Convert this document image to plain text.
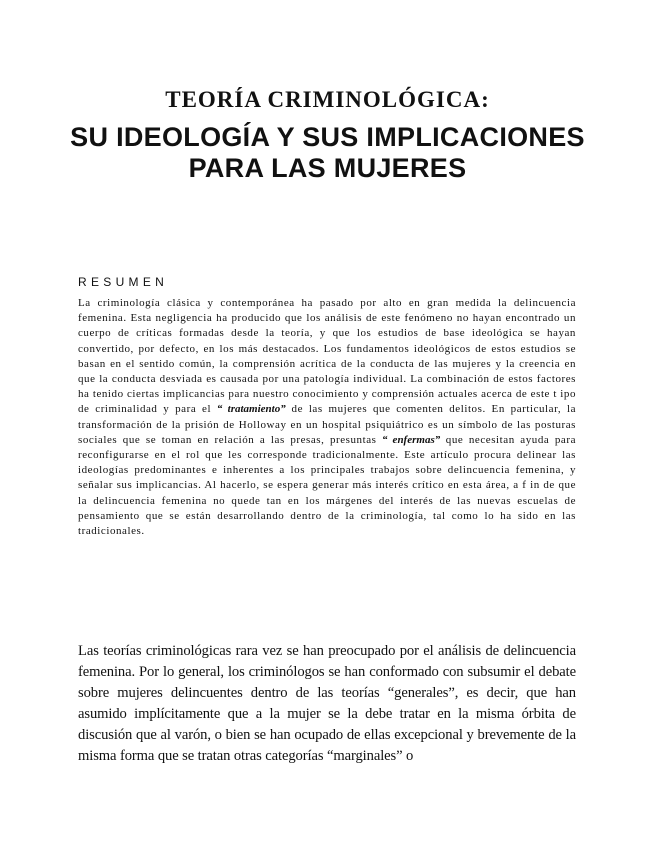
TEORÍA CRIMINOLÓGICA:
SU IDEOLOGÍA Y SUS IMPLICACIONES PARA LAS MUJERES
RESUMEN
La criminología clásica y contemporánea ha pasado por alto en gran medida la delincuencia femenina. Esta negligencia ha producido que los análisis de este fenómeno no hayan encontrado un cuerpo de críticas formadas desde la teoría, y que los estudios de base ideológica se hayan convertido, por defecto, en los más destacados. Los fundamentos ideológicos de estos estudios se basan en el sentido común, la comprensión acrítica de la conducta de las mujeres y la creencia en que la conducta desviada es causada por una patología individual. La combinación de estos factores ha tenido ciertas implicancias para nuestro conocimiento y comprensión actuales acerca de este t ipo de criminalidad y para el “ tratamiento” de las mujeres que comenten delitos. En particular, la transformación de la prisión de Holloway en un hospital psiquiátrico es un símbolo de las posturas sociales que se toman en relación a las presas, presuntas “ enfermas” que necesitan ayuda para reconfigurarse en el rol que les corresponde tradicionalmente. Este artículo procura delinear las ideologías predominantes e inherentes a los principales trabajos sobre delincuencia femenina, y señalar sus implicancias. Al hacerlo, se espera generar más interés crítico en esta área, a f in de que la delincuencia femenina no quede tan en los márgenes del interés de las nuevas escuelas de pensamiento que se están desarrollando dentro de la criminología, tal como lo ha sido en las tradicionales.
Las teorías criminológicas rara vez se han preocupado por el análisis de delincuencia femenina. Por lo general, los criminólogos se han conformado con subsumir el debate sobre mujeres delincuentes dentro de las teorías “generales”, es decir, que han asumido implícitamente que a la mujer se la debe tratar en la misma órbita de discusión que al varón, o bien se han ocupado de ellas excepcional y brevemente de la misma forma que se tratan otras categorías “marginales” o
